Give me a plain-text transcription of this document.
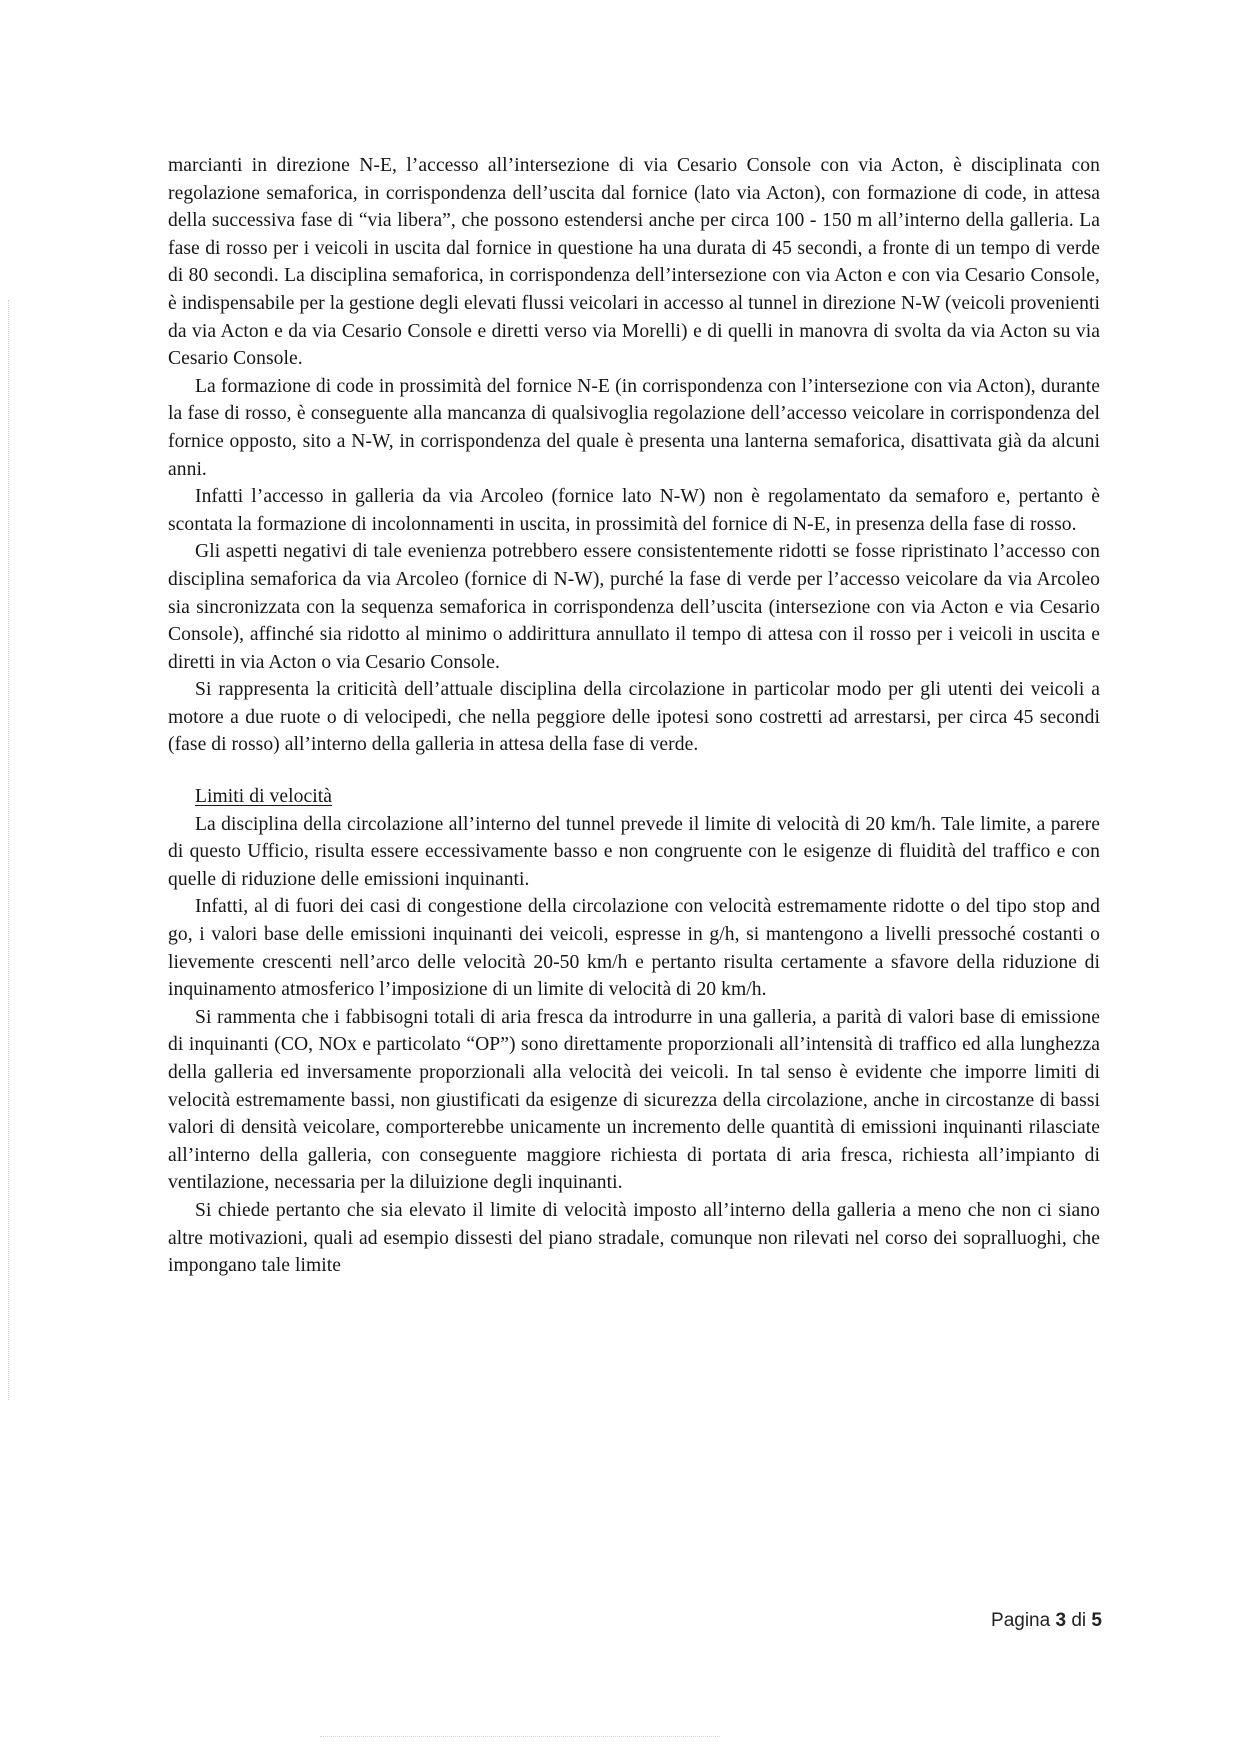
marcianti in direzione N-E, l’accesso all’intersezione di via Cesario Console con via Acton, è disciplinata con regolazione semaforica, in corrispondenza dell’uscita dal fornice (lato via Acton), con formazione di code, in attesa della successiva fase di “via libera”, che possono estendersi anche per circa 100 - 150 m all’interno della galleria. La fase di rosso per i veicoli in uscita dal fornice in questione ha una durata di 45 secondi, a fronte di un tempo di verde di 80 secondi. La disciplina semaforica, in corrispondenza dell’intersezione con via Acton e con via Cesario Console, è indispensabile per la gestione degli elevati flussi veicolari in accesso al tunnel in direzione N-W (veicoli provenienti da via Acton e da via Cesario Console e diretti verso via Morelli) e di quelli in manovra di svolta da via Acton su via Cesario Console.

La formazione di code in prossimità del fornice N-E (in corrispondenza con l’intersezione con via Acton), durante la fase di rosso, è conseguente alla mancanza di qualsivoglia regolazione dell’accesso veicolare in corrispondenza del fornice opposto, sito a N-W, in corrispondenza del quale è presenta una lanterna semaforica, disattivata già da alcuni anni.

Infatti l’accesso in galleria da via Arcoleo (fornice lato N-W) non è regolamentato da semaforo e, pertanto è scontata la formazione di incolonnamenti in uscita, in prossimità del fornice di N-E, in presenza della fase di rosso.

Gli aspetti negativi di tale evenienza potrebbero essere consistentemente ridotti se fosse ripristinato l’accesso con disciplina semaforica da via Arcoleo (fornice di N-W), purché la fase di verde per l’accesso veicolare da via Arcoleo sia sincronizzata con la sequenza semaforica in corrispondenza dell’uscita (intersezione con via Acton e via Cesario Console), affinché sia ridotto al minimo o addirittura annullato il tempo di attesa con il rosso per i veicoli in uscita e diretti in via Acton o via Cesario Console.

Si rappresenta la criticità dell’attuale disciplina della circolazione in particolar modo per gli utenti dei veicoli a motore a due ruote o di velocipedi, che nella peggiore delle ipotesi sono costretti ad arrestarsi, per circa 45 secondi (fase di rosso) all’interno della galleria in attesa della fase di verde.

Limiti di velocità

La disciplina della circolazione all’interno del tunnel prevede il limite di velocità di 20 km/h. Tale limite, a parere di questo Ufficio, risulta essere eccessivamente basso e non congruente con le esigenze di fluidità del traffico e con quelle di riduzione delle emissioni inquinanti.

Infatti, al di fuori dei casi di congestione della circolazione con velocità estremamente ridotte o del tipo stop and go, i valori base delle emissioni inquinanti dei veicoli, espresse in g/h, si mantengono a livelli pressoché costanti o lievemente crescenti nell’arco delle velocità 20-50 km/h e pertanto risulta certamente a sfavore della riduzione di inquinamento atmosferico l’imposizione di un limite di velocità di 20 km/h.

Si rammenta che i fabbisogni totali di aria fresca da introdurre in una galleria, a parità di valori base di emissione di inquinanti (CO, NOx e particolato “OP”) sono direttamente proporzionali all’intensità di traffico ed alla lunghezza della galleria ed inversamente proporzionali alla velocità dei veicoli. In tal senso è evidente che imporre limiti di velocità estremamente bassi, non giustificati da esigenze di sicurezza della circolazione, anche in circostanze di bassi valori di densità veicolare, comporterebbe unicamente un incremento delle quantità di emissioni inquinanti rilasciate all’interno della galleria, con conseguente maggiore richiesta di portata di aria fresca, richiesta all’impianto di ventilazione, necessaria per la diluizione degli inquinanti.

Si chiede pertanto che sia elevato il limite di velocità imposto all’interno della galleria a meno che non ci siano altre motivazioni, quali ad esempio dissesti del piano stradale, comunque non rilevati nel corso dei sopralluoghi, che impongano tale limite

Pagina 3 di 5
